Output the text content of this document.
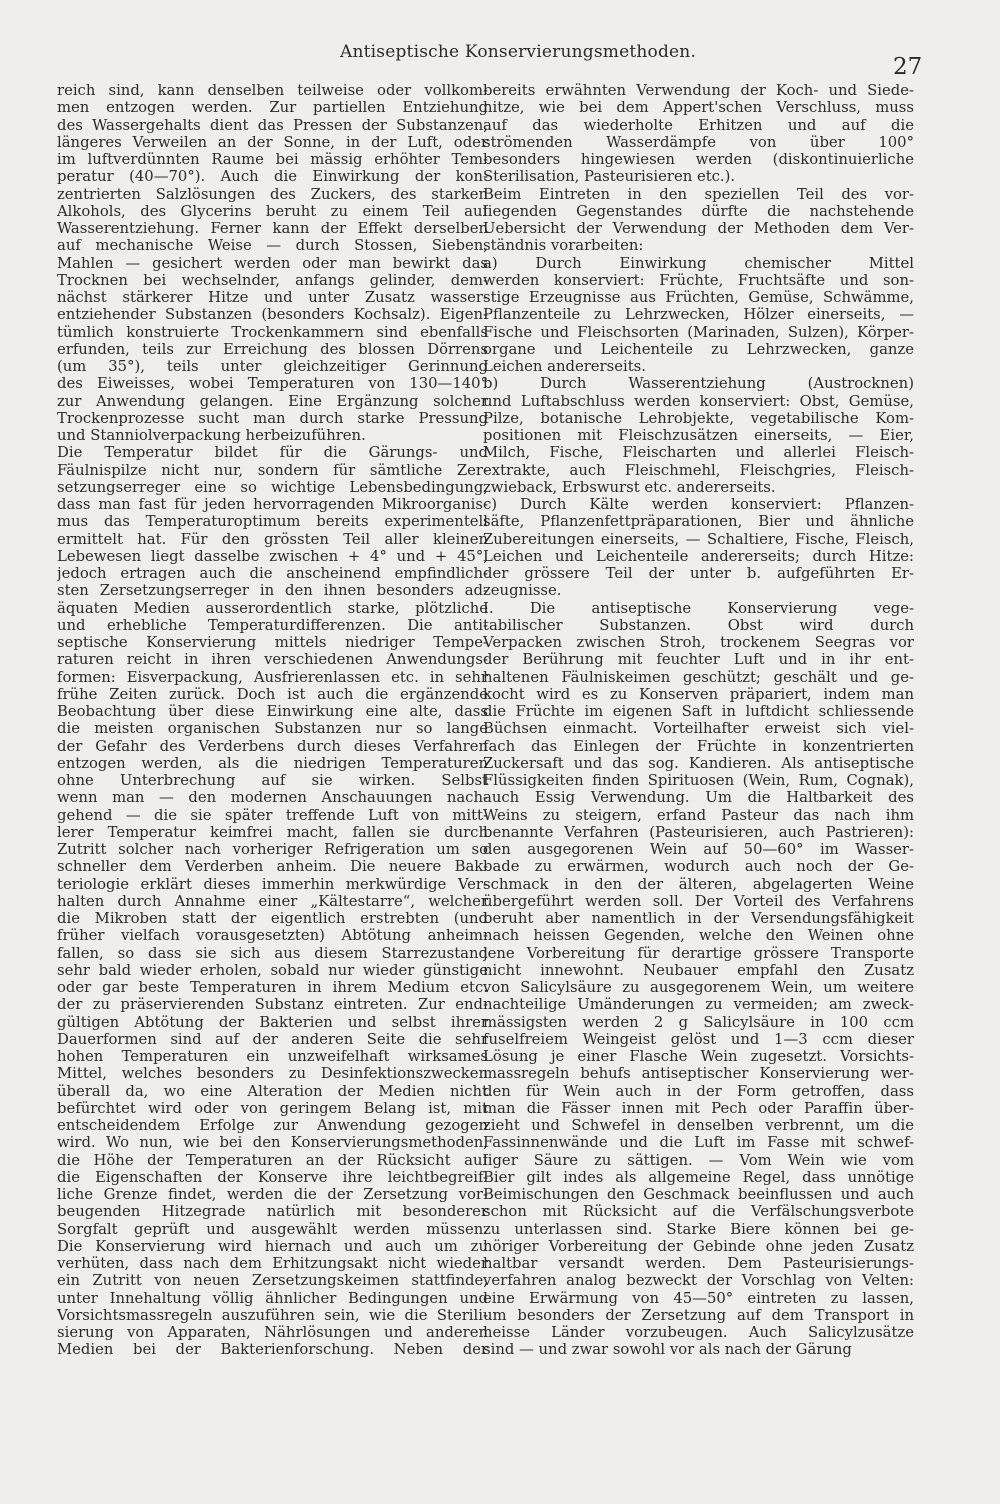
Antiseptische Konservierungsmethoden.
27
reich sind, kann denselben teilweise oder vollkom-
men entzogen werden. Zur partiellen Entziehung
des Wassergehalts dient das Pressen der Substanzen,
längeres Verweilen an der Sonne, in der Luft, oder
im luftverdünnten Raume bei mässig erhöhter Tem-
peratur (40—70°). Auch die Einwirkung der kon-
zentrierten Salzlösungen des Zuckers, des starken
Alkohols, des Glycerins beruht zu einem Teil auf
Wasserentziehung. Ferner kann der Effekt derselben
auf mechanische Weise — durch Stossen, Sieben,
Mahlen — gesichert werden oder man bewirkt das
Trocknen bei wechselnder, anfangs gelinder, dem-
nächst stärkerer Hitze und unter Zusatz wasser-
entziehender Substanzen (besonders Kochsalz). Eigen-
tümlich konstruierte Trockenkammern sind ebenfalls
erfunden, teils zur Erreichung des blossen Dörrens
(um 35°), teils unter gleichzeitiger Gerinnung
des Eiweisses, wobei Temperaturen von 130—140°
zur Anwendung gelangen. Eine Ergänzung solcher
Trockenprozesse sucht man durch starke Pressung
und Stanniolverpackung herbeizuführen.
Die Temperatur bildet für die Gärungs- und
Fäulnispilze nicht nur, sondern für sämtliche Zer-
setzungserreger eine so wichtige Lebensbedingung,
dass man fast für jeden hervorragenden Mikroorganis-
mus das Temperaturoptimum bereits experimentell
ermittelt hat. Für den grössten Teil aller kleinen
Lebewesen liegt dasselbe zwischen + 4° und + 45°,
jedoch ertragen auch die anscheinend empfindlich-
sten Zersetzungserreger in den ihnen besonders ad-
äquaten Medien ausserordentlich starke, plötzliche
und erhebliche Temperaturdifferenzen. Die anti-
septische Konservierung mittels niedriger Tempe-
raturen reicht in ihren verschiedenen Anwendungs-
formen: Eisverpackung, Ausfrierenlassen etc. in sehr
frühe Zeiten zurück. Doch ist auch die ergänzende
Beobachtung über diese Einwirkung eine alte, dass
die meisten organischen Substanzen nur so lange
der Gefahr des Verderbens durch dieses Verfahren
entzogen werden, als die niedrigen Temperaturen
ohne Unterbrechung auf sie wirken. Selbst
wenn man — den modernen Anschauungen nach-
gehend — die sie später treffende Luft von mitt-
lerer Temperatur keimfrei macht, fallen sie durch
Zutritt solcher nach vorheriger Refrigeration um so
schneller dem Verderben anheim. Die neuere Bak-
teriologie erklärt dieses immerhin merkwürdige Ver-
halten durch Annahme einer „Kältestarre“, welcher
die Mikroben statt der eigentlich erstrebten (und
früher vielfach vorausgesetzten) Abtötung anheim-
fallen, so dass sie sich aus diesem Starrezustand
sehr bald wieder erholen, sobald nur wieder günstige
oder gar beste Temperaturen in ihrem Medium etc.
der zu präservierenden Substanz eintreten. Zur end-
gültigen Abtötung der Bakterien und selbst ihrer
Dauerformen sind auf der anderen Seite die sehr
hohen Temperaturen ein unzweifelhaft wirksames
Mittel, welches besonders zu Desinfektionszwecken
überall da, wo eine Alteration der Medien nicht
befürchtet wird oder von geringem Belang ist, mit
entscheidendem Erfolge zur Anwendung gezogen
wird. Wo nun, wie bei den Konservierungsmethoden,
die Höhe der Temperaturen an der Rücksicht auf
die Eigenschaften der Konserve ihre leichtbegreif-
liche Grenze findet, werden die der Zersetzung vor-
beugenden Hitzegrade natürlich mit besonderer
Sorgfalt geprüft und ausgewählt werden müssen.
Die Konservierung wird hiernach und auch um zu
verhüten, dass nach dem Erhitzungsakt nicht wieder
ein Zutritt von neuen Zersetzungskeimen stattfinde,
unter Innehaltung völlig ähnlicher Bedingungen und
Vorsichtsmassregeln auszuführen sein, wie die Sterili-
sierung von Apparaten, Nährlösungen und anderen
Medien bei der Bakterienforschung. Neben der
bereits erwähnten Verwendung der Koch- und Siede-
hitze, wie bei dem Appert'schen Verschluss, muss
auf das wiederholte Erhitzen und auf die
strömenden Wasserdämpfe von über 100°
besonders hingewiesen werden (diskontinuierliche
Sterilisation, Pasteurisieren etc.).
Beim Eintreten in den speziellen Teil des vor-
liegenden Gegenstandes dürfte die nachstehende
Uebersicht der Verwendung der Methoden dem Ver-
ständnis vorarbeiten:
a) Durch Einwirkung chemischer Mittel
werden konserviert: Früchte, Fruchtsäfte und son-
stige Erzeugnisse aus Früchten, Gemüse, Schwämme,
Pflanzenteile zu Lehrzwecken, Hölzer einerseits, —
Fische und Fleischsorten (Marinaden, Sulzen), Körper-
organe und Leichenteile zu Lehrzwecken, ganze
Leichen andererseits.
b) Durch Wasserentziehung (Austrocknen)
und Luftabschluss werden konserviert: Obst, Gemüse,
Pilze, botanische Lehrobjekte, vegetabilische Kom-
positionen mit Fleischzusätzen einerseits, — Eier,
Milch, Fische, Fleischarten und allerlei Fleisch-
extrakte, auch Fleischmehl, Fleischgries, Fleisch-
zwieback, Erbswurst etc. andererseits.
c) Durch Kälte werden konserviert: Pflanzen-
säfte, Pflanzenfettpräparationen, Bier und ähnliche
Zubereitungen einerseits, — Schaltiere, Fische, Fleisch,
Leichen und Leichenteile andererseits; durch Hitze:
der grössere Teil der unter b. aufgeführten Er-
zeugnisse.
I. Die antiseptische Konservierung vege-
tabilischer Substanzen. Obst wird durch
Verpacken zwischen Stroh, trockenem Seegras vor
der Berührung mit feuchter Luft und in ihr ent-
haltenen Fäulniskeimen geschützt; geschält und ge-
kocht wird es zu Konserven präpariert, indem man
die Früchte im eigenen Saft in luftdicht schliessende
Büchsen einmacht. Vorteilhafter erweist sich viel-
fach das Einlegen der Früchte in konzentrierten
Zuckersaft und das sog. Kandieren. Als antiseptische
Flüssigkeiten finden Spirituosen (Wein, Rum, Cognak),
auch Essig Verwendung. Um die Haltbarkeit des
Weins zu steigern, erfand Pasteur das nach ihm
benannte Verfahren (Pasteurisieren, auch Pastrieren):
den ausgegorenen Wein auf 50—60° im Wasser-
bade zu erwärmen, wodurch auch noch der Ge-
schmack in den der älteren, abgelagerten Weine
übergeführt werden soll. Der Vorteil des Verfahrens
beruht aber namentlich in der Versendungsfähigkeit
nach heissen Gegenden, welche den Weinen ohne
jene Vorbereitung für derartige grössere Transporte
nicht innewohnt. Neubauer empfahl den Zusatz
von Salicylsäure zu ausgegorenem Wein, um weitere
nachteilige Umänderungen zu vermeiden; am zweck-
mässigsten werden 2 g Salicylsäure in 100 ccm
fuselfreiem Weingeist gelöst und 1—3 ccm dieser
Lösung je einer Flasche Wein zugesetzt. Vorsichts-
massregeln behufs antiseptischer Konservierung wer-
den für Wein auch in der Form getroffen, dass
man die Fässer innen mit Pech oder Paraffin über-
zieht und Schwefel in denselben verbrennt, um die
Fassinnenwände und die Luft im Fasse mit schwef-
liger Säure zu sättigen. — Vom Wein wie vom
Bier gilt indes als allgemeine Regel, dass unnötige
Beimischungen den Geschmack beeinflussen und auch
schon mit Rücksicht auf die Verfälschungsverbote
zu unterlassen sind. Starke Biere können bei ge-
höriger Vorbereitung der Gebinde ohne jeden Zusatz
haltbar versandt werden. Dem Pasteurisierungs-
verfahren analog bezweckt der Vorschlag von Velten:
eine Erwärmung von 45—50° eintreten zu lassen,
um besonders der Zersetzung auf dem Transport in
heisse Länder vorzubeugen. Auch Salicylzusätze
sind — und zwar sowohl vor als nach der Gärung
